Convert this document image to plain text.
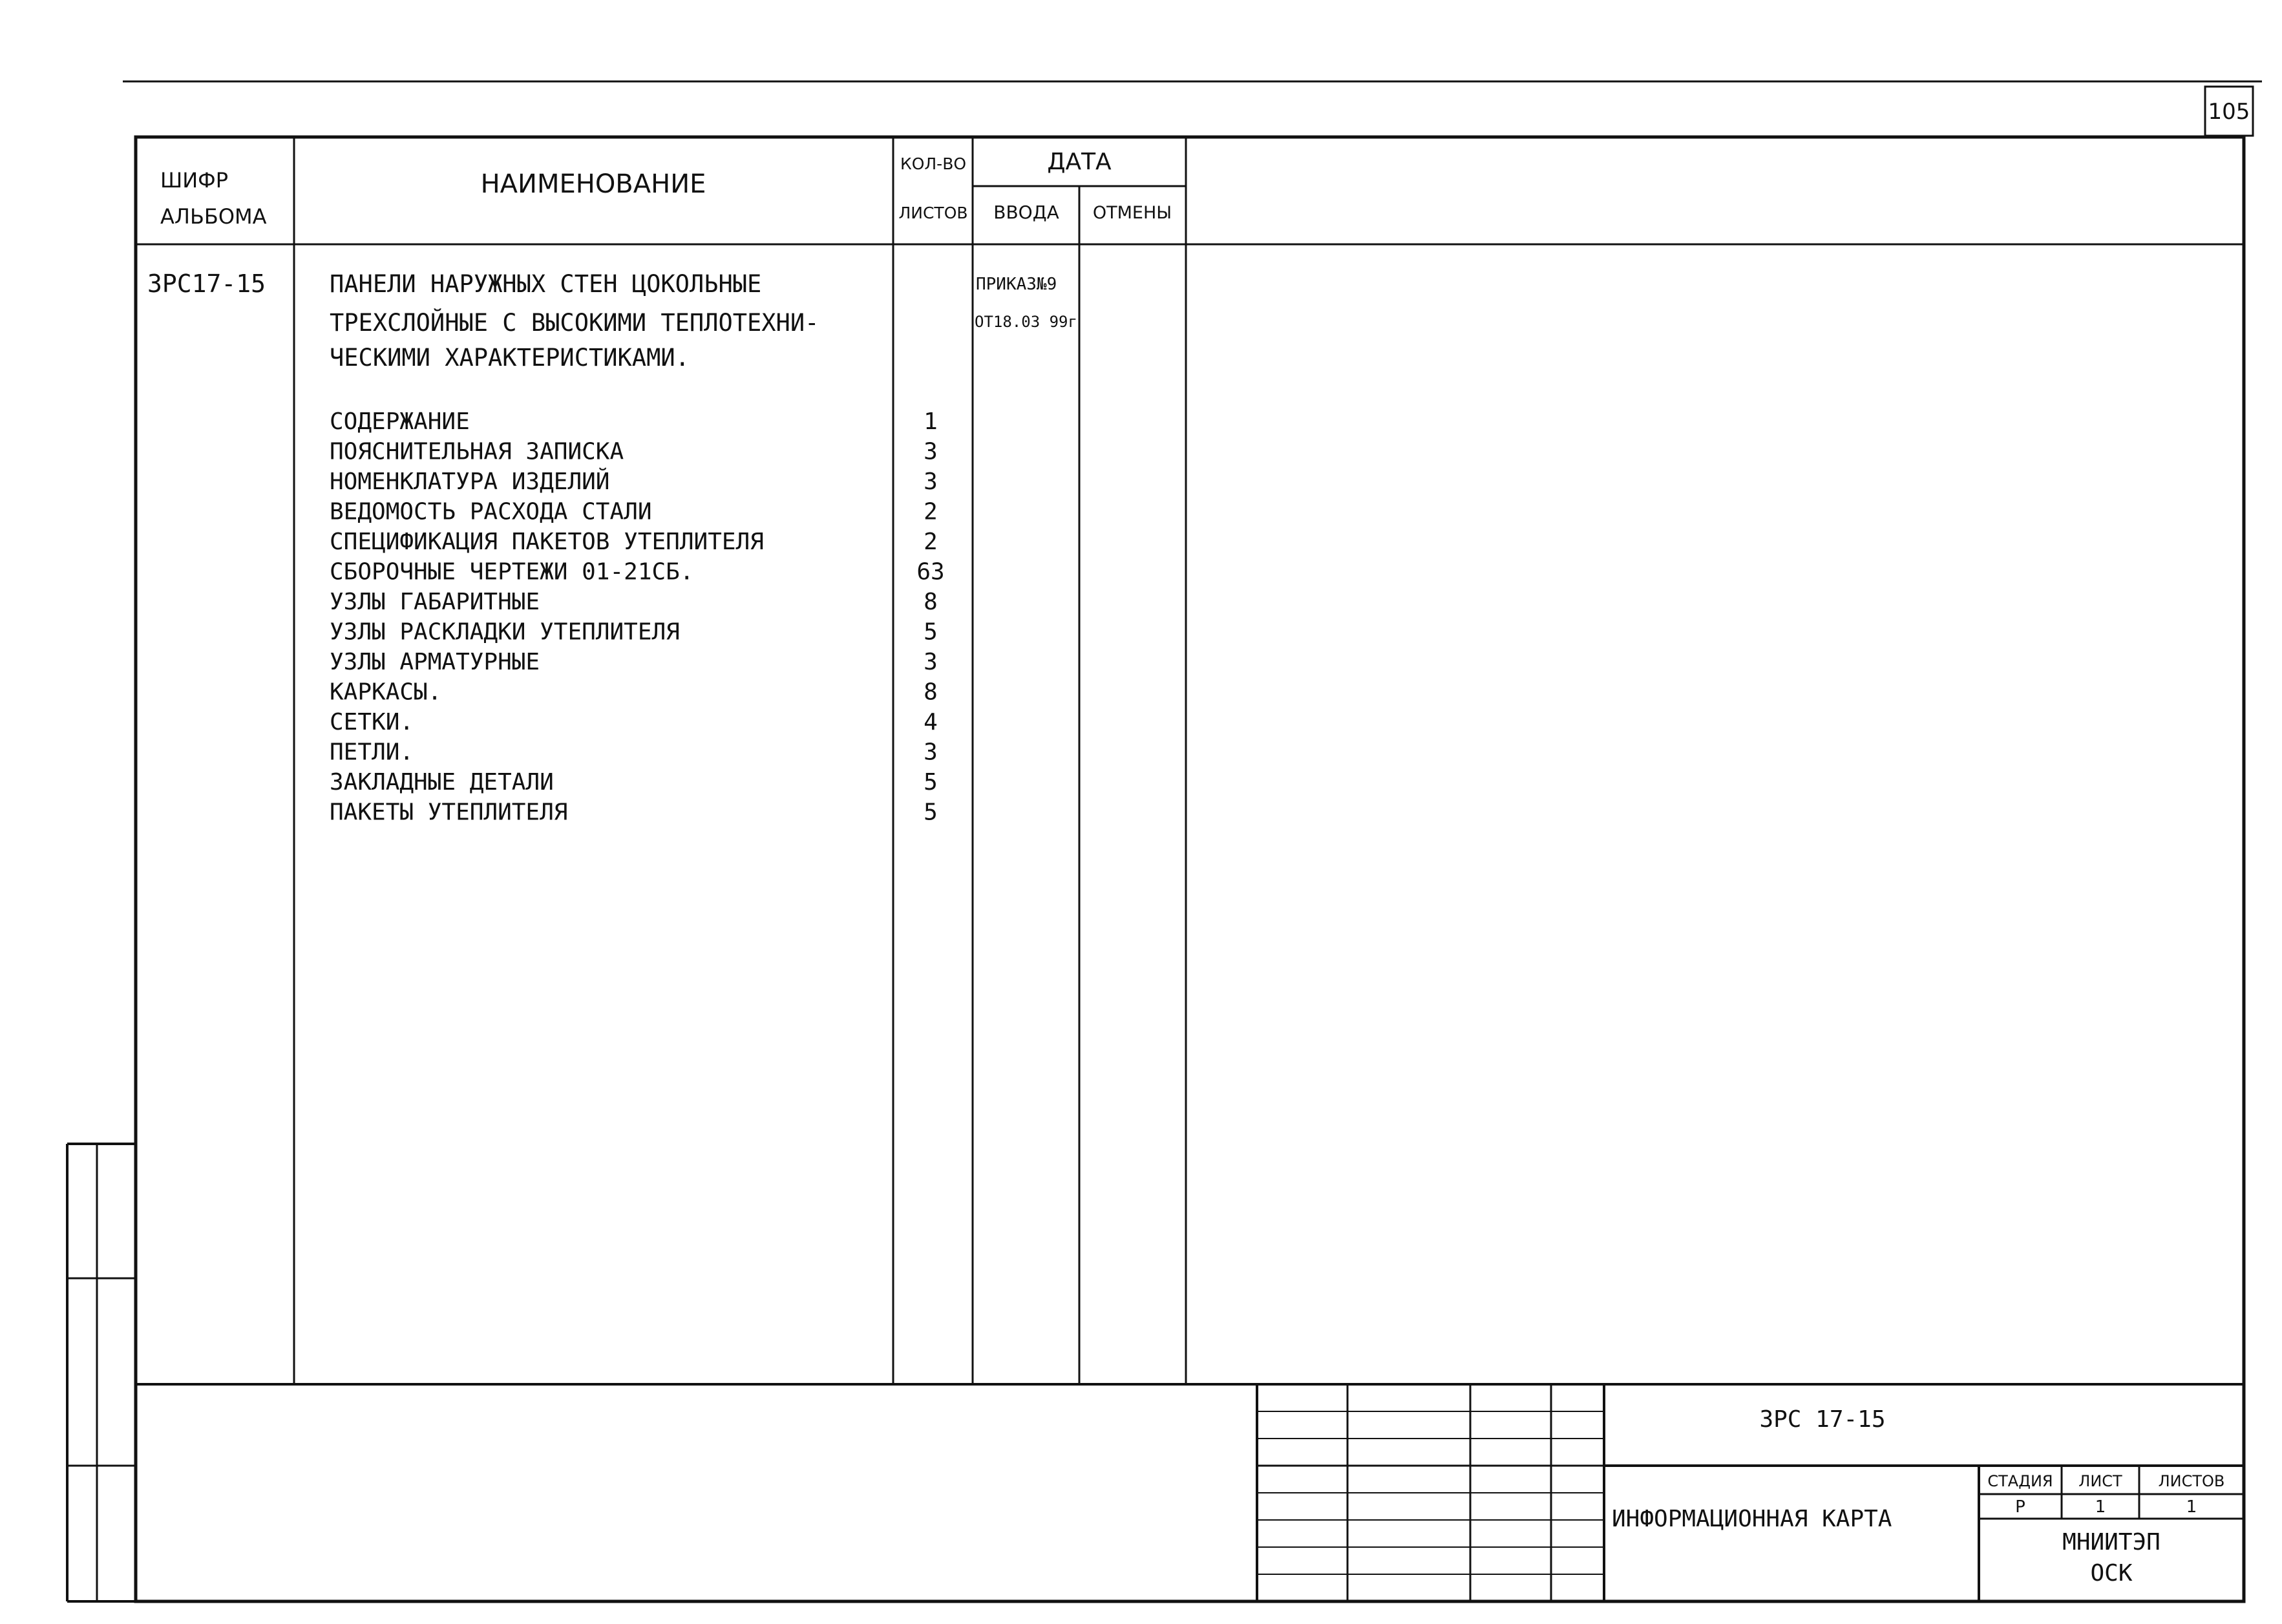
105
ШИФР
АЛЬБОМА
НАИМЕНОВАНИЕ
КОЛ-ВО
ЛИСТОВ
ДАТА
ВВОДА ОТМЕНЫ
ЗРС17-15	ПАНЕЛИ НАРУЖНЫХ СТЕН ЦОКОЛЬНЫЕ
ТРЕХСЛОЙНЫЕ С ВЫСОКИМИ ТЕПЛОТЕХНИ-
ЧЕСКИМИ ХАРАКТЕРИСТИКАМИ.
ПРИКАЗ№9
ОТ18.03 99г
СОДЕРЖАНИЕ	1
ПОЯСНИТЕЛЬНАЯ ЗАПИСКА	3
НОМЕНКЛАТУРА ИЗДЕЛИЙ	3
ВЕДОМОСТЬ РАСХОДА СТАЛИ	2
СПЕЦИФИКАЦИЯ ПАКЕТОВ УТЕПЛИТЕЛЯ	2
СБОРОЧНЫЕ ЧЕРТЕЖИ 01-21СБ.	63
УЗЛЫ ГАБАРИТНЫЕ	8
УЗЛЫ РАСКЛАДКИ УТЕПЛИТЕЛЯ	5
УЗЛЫ АРМАТУРНЫЕ	3
КАРКАСЫ.	8
СЕТКИ.	4
ПЕТЛИ.	3
ЗАКЛАДНЫЕ ДЕТАЛИ	5
ПАКЕТЫ УТЕПЛИТЕЛЯ	5
ЗРС 17-15
ИНФОРМАЦИОННАЯ КАРТА
СТАДИЯ ЛИСТ ЛИСТОВ
Р	1	1
МНИИТЭП
ОСК
